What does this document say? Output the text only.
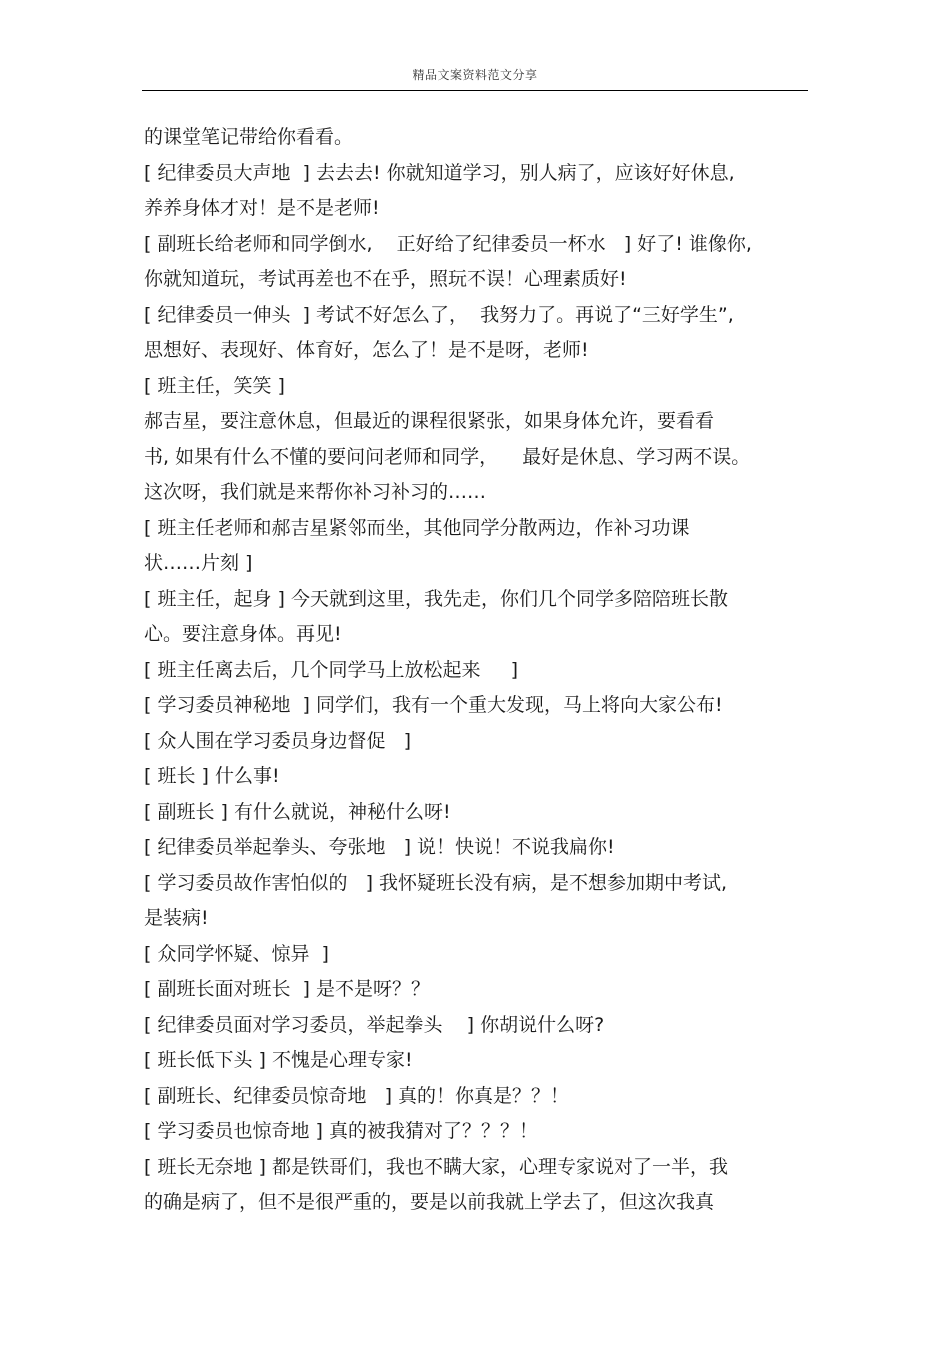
精品文案资料范文分享
的课堂笔记带给你看看。
[ 纪律委员大声地  ] 去去去! 你就知道学习，别人病了，应该好好休息,
养养身体才对！是不是老师!
[ 副班长给老师和同学倒水,    正好给了纪律委员一杯水   ] 好了! 谁像你,
你就知道玩，考试再差也不在乎，照玩不误！心理素质好!
[ 纪律委员一伸头  ] 考试不好怎么了，  我努力了。再说了“三好学生”,
思想好、表现好、体育好，怎么了！是不是呀，老师!
[ 班主任，笑笑 ]
郝吉星，要注意休息，但最近的课程很紧张，如果身体允许，要看看
书, 如果有什么不懂的要问问老师和同学，    最好是休息、学习两不误。
这次呀，我们就是来帮你补习补习的……
[ 班主任老师和郝吉星紧邻而坐，其他同学分散两边，作补习功课
状……片刻 ]
[ 班主任，起身 ] 今天就到这里，我先走，你们几个同学多陪陪班长散
心。要注意身体。再见!
[ 班主任离去后，几个同学马上放松起来     ]
[ 学习委员神秘地  ] 同学们，我有一个重大发现，马上将向大家公布!
[ 众人围在学习委员身边督促   ]
[ 班长 ] 什么事!
[ 副班长 ] 有什么就说，神秘什么呀!
[ 纪律委员举起拳头、夸张地   ] 说！快说！不说我扁你!
[ 学习委员故作害怕似的   ] 我怀疑班长没有病，是不想参加期中考试,
是装病!
[ 众同学怀疑、惊异  ]
[ 副班长面对班长  ] 是不是呀？？
[ 纪律委员面对学习委员，举起拳头    ] 你胡说什么呀?
[ 班长低下头 ] 不愧是心理专家!
[ 副班长、纪律委员惊奇地   ] 真的！你真是？？！
[ 学习委员也惊奇地 ] 真的被我猜对了？？？！
[ 班长无奈地 ] 都是铁哥们，我也不瞒大家，心理专家说对了一半，我
的确是病了，但不是很严重的，要是以前我就上学去了，但这次我真
